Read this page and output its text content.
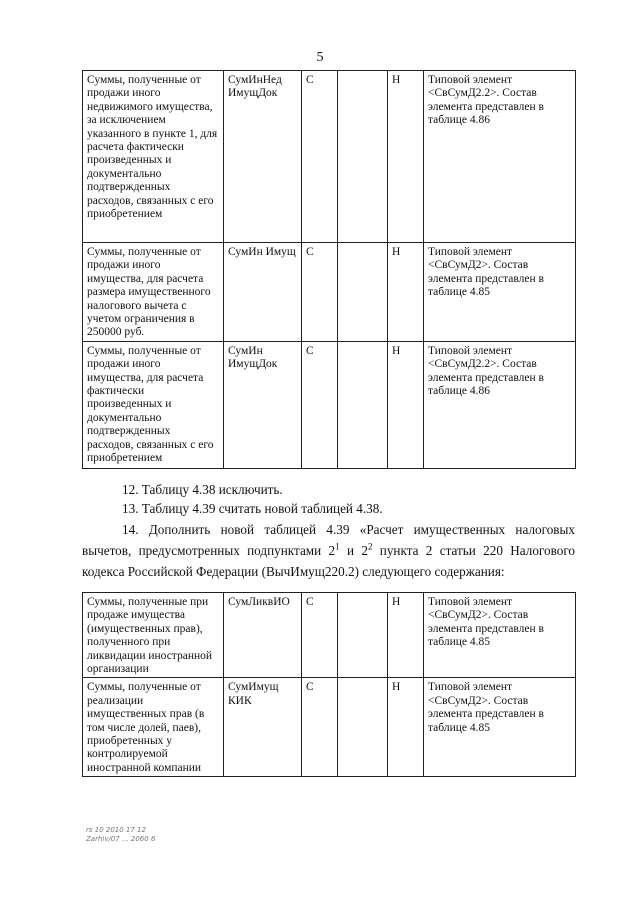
5
Суммы, полученные от продажи иного недвижимого имущества, за исключением указанного в пункте 1, для расчета фактически произведенных и документально подтвержденных расходов, связанных с его приобретением	СумИнНед ИмущДок	С		Н	Типовой элемент <СвСумД2.2>. Состав элемента представлен в таблице 4.86
Суммы, полученные от продажи иного имущества, для расчета размера имущественного налогового вычета с учетом ограничения в 250000 руб.	СумИн Имущ	С		Н	Типовой элемент <СвСумД2>. Состав элемента представлен в таблице 4.85
Суммы, полученные от продажи иного имущества, для расчета фактически произведенных и документально подтвержденных расходов, связанных с его приобретением	СумИн ИмущДок	С		Н	Типовой элемент <СвСумД2.2>. Состав элемента представлен в таблице 4.86
12. Таблицу 4.38 исключить.
13. Таблицу 4.39 считать новой таблицей 4.38.
14. Дополнить новой таблицей 4.39 «Расчет имущественных налоговых вычетов, предусмотренных подпунктами $2^1$ и $2^2$ пункта 2 статьи 220 Налогового кодекса Российской Федерации (ВычИмущ220.2) следующего содержания:
Суммы, полученные при продаже имущества (имущественных прав), полученного при ликвидации иностранной организации	СумЛиквИО	С		Н	Типовой элемент <СвСумД2>. Состав элемента представлен в таблице 4.85
Суммы, полученные от реализации имущественных прав (в том числе долей, паев), приобретенных у контролируемой иностранной компании	СумИмущ КИК	С		Н	Типовой элемент <СвСумД2>. Состав элемента представлен в таблице 4.85
rs 10 2010 17 12
Zarhiv/07 ... 2060 6
